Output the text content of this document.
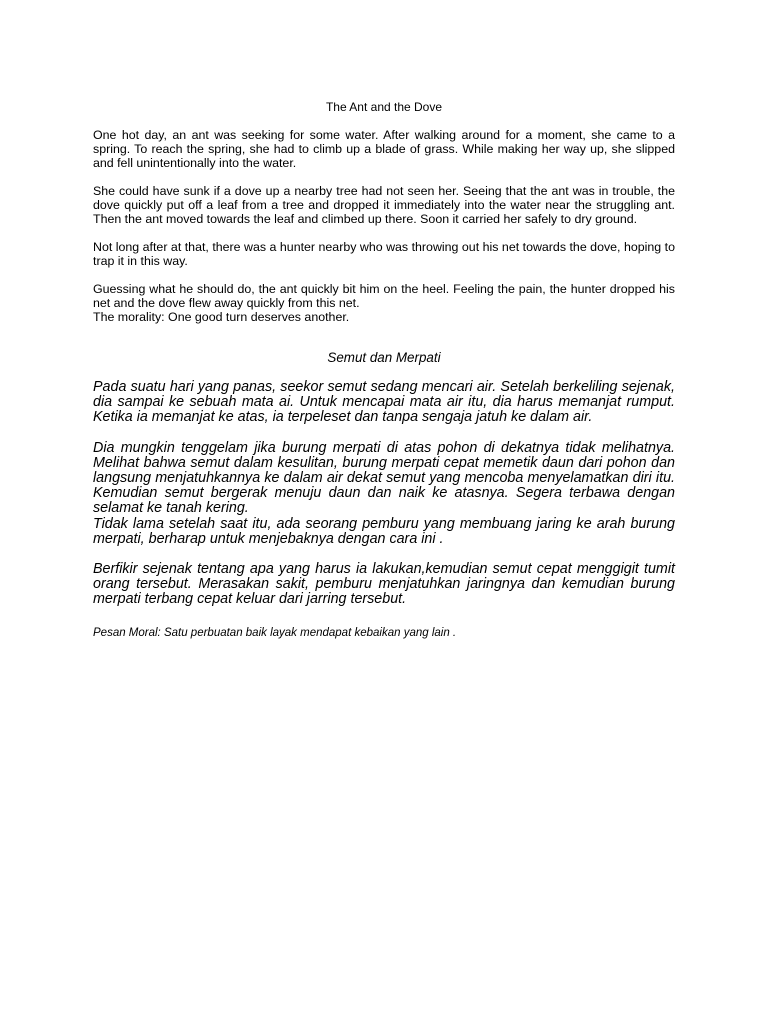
The Ant and the Dove

One hot day, an ant was seeking for some water. After walking around for a moment, she came to a spring. To reach the spring, she had to climb up a blade of grass. While making her way up, she slipped and fell unintentionally into the water.

She could have sunk if a dove up a nearby tree had not seen her. Seeing that the ant was in trouble, the dove quickly put off a leaf from a tree and dropped it immediately into the water near the struggling ant. Then the ant moved towards the leaf and climbed up there. Soon it carried her safely to dry ground.

Not long after at that, there was a hunter nearby who was throwing out his net towards the dove, hoping to trap it in this way.

Guessing what he should do, the ant quickly bit him on the heel. Feeling the pain, the hunter dropped his net and the dove flew away quickly from this net.

The morality: One good turn deserves another.

Semut dan Merpati

Pada suatu hari yang panas, seekor semut sedang mencari air. Setelah berkeliling sejenak, dia sampai ke sebuah mata ai. Untuk mencapai mata air itu, dia harus memanjat rumput. Ketika ia memanjat ke atas, ia terpeleset dan tanpa sengaja jatuh ke dalam air.

Dia mungkin tenggelam jika burung merpati di atas pohon di dekatnya tidak melihatnya. Melihat bahwa semut dalam kesulitan, burung merpati cepat memetik daun dari pohon dan langsung menjatuhkannya ke dalam air dekat semut yang mencoba menyelamatkan diri itu. Kemudian semut bergerak menuju daun dan naik ke atasnya. Segera terbawa dengan selamat ke tanah kering.

Tidak lama setelah saat itu, ada seorang pemburu yang membuang jaring ke arah burung merpati, berharap untuk menjebaknya dengan cara ini .

Berfikir sejenak tentang apa yang harus ia lakukan,kemudian semut cepat menggigit tumit orang tersebut. Merasakan sakit, pemburu menjatuhkan jaringnya dan kemudian burung merpati terbang cepat keluar dari jarring tersebut.

Pesan Moral: Satu perbuatan baik layak mendapat kebaikan yang lain .
